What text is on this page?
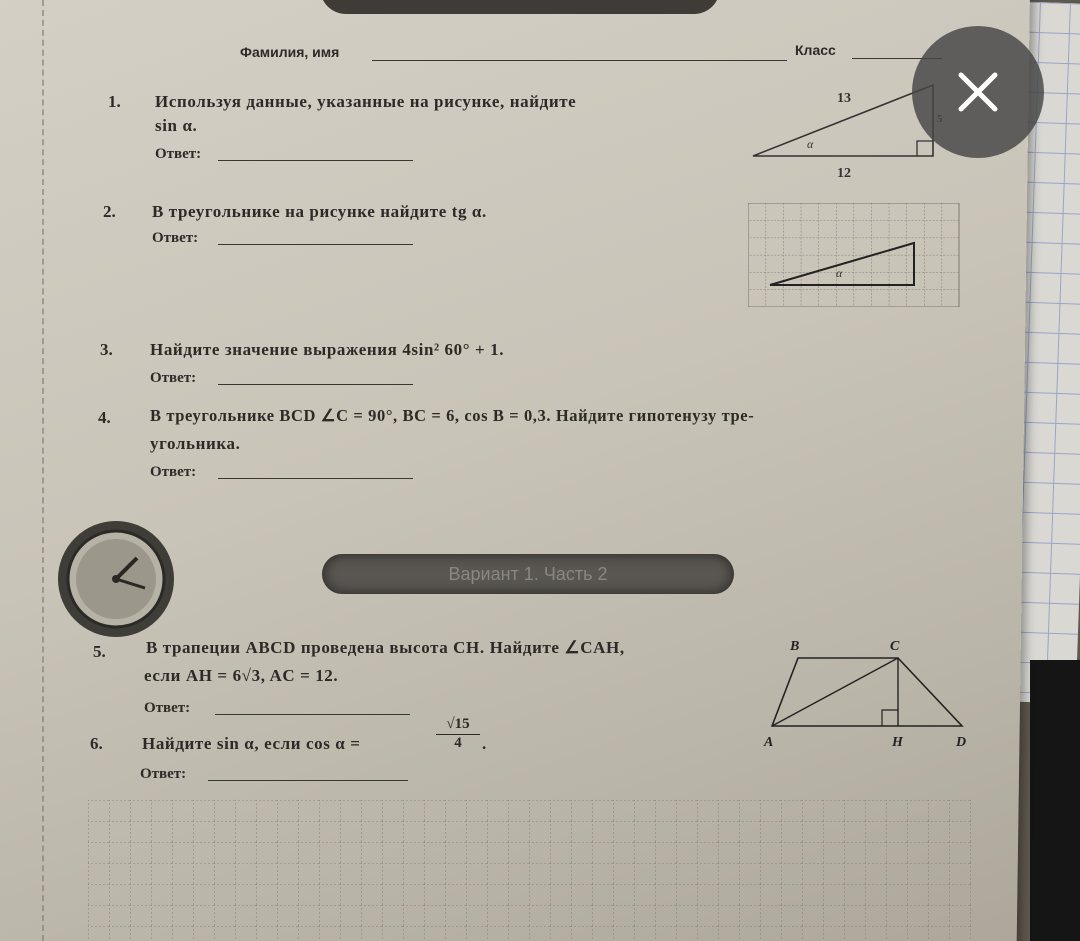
Фамилия, имя	Класс
1. Используя данные, указанные на рисунке, найдите
sin α.
Ответ:
13
12
α
2. В треугольнике на рисунке найдите tg α.
Ответ:
α
3. Найдите значение выражения 4sin² 60° + 1.
Ответ:
4. В треугольнике BCD ∠C = 90°, BC = 6, cos B = 0,3. Найдите гипотенузу тре-
угольника.
Ответ:
Вариант 1. Часть 2
5. В трапеции ABCD проведена высота CH. Найдите ∠CAH,
если AH = 6√3, AC = 12.
Ответ:
B	C
A	H	D
6. Найдите sin α, если cos α =	$\frac{√15}{4}$ .
Ответ:
